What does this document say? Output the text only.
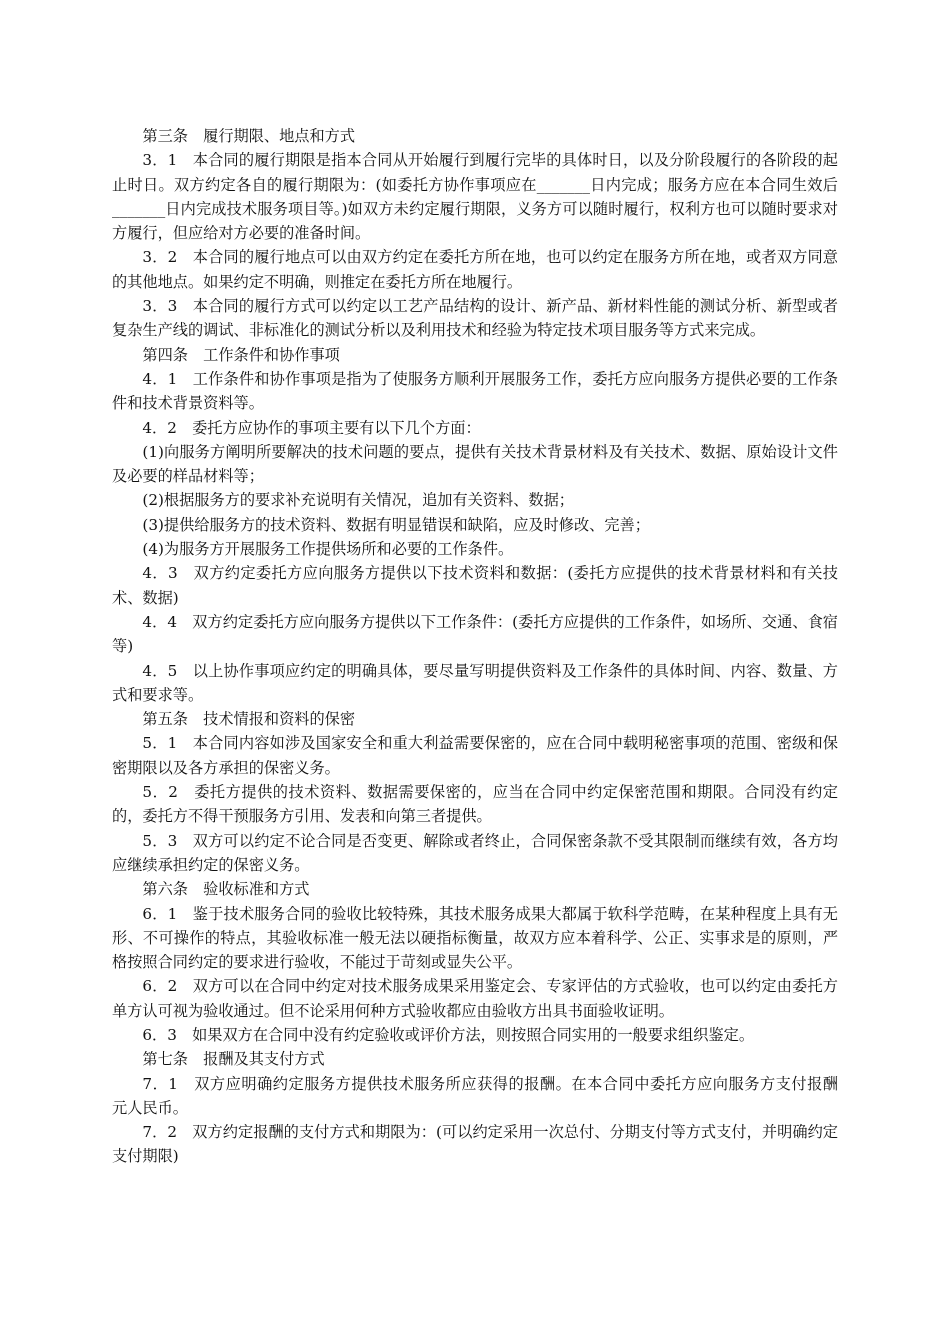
第三条　履行期限、地点和方式

3．1　本合同的履行期限是指本合同从开始履行到履行完毕的具体时日，以及分阶段履行的各阶段的起止时日。双方约定各自的履行期限为：(如委托方协作事项应在_______日内完成；服务方应在本合同生效后_______日内完成技术服务项目等。)如双方未约定履行期限，义务方可以随时履行，权利方也可以随时要求对方履行，但应给对方必要的准备时间。

3．2　本合同的履行地点可以由双方约定在委托方所在地，也可以约定在服务方所在地，或者双方同意的其他地点。如果约定不明确，则推定在委托方所在地履行。

3．3　本合同的履行方式可以约定以工艺产品结构的设计、新产品、新材料性能的测试分析、新型或者复杂生产线的调试、非标准化的测试分析以及利用技术和经验为特定技术项目服务等方式来完成。

第四条　工作条件和协作事项

4．1　工作条件和协作事项是指为了使服务方顺利开展服务工作，委托方应向服务方提供必要的工作条件和技术背景资料等。

4．2　委托方应协作的事项主要有以下几个方面：

(1)向服务方阐明所要解决的技术问题的要点，提供有关技术背景材料及有关技术、数据、原始设计文件及必要的样品材料等；

(2)根据服务方的要求补充说明有关情况，追加有关资料、数据；

(3)提供给服务方的技术资料、数据有明显错误和缺陷，应及时修改、完善；

(4)为服务方开展服务工作提供场所和必要的工作条件。

4．3　双方约定委托方应向服务方提供以下技术资料和数据：(委托方应提供的技术背景材料和有关技术、数据)

4．4　双方约定委托方应向服务方提供以下工作条件：(委托方应提供的工作条件，如场所、交通、食宿等)

4．5　以上协作事项应约定的明确具体，要尽量写明提供资料及工作条件的具体时间、内容、数量、方式和要求等。

第五条　技术情报和资料的保密

5．1　本合同内容如涉及国家安全和重大利益需要保密的，应在合同中载明秘密事项的范围、密级和保密期限以及各方承担的保密义务。

5．2　委托方提供的技术资料、数据需要保密的，应当在合同中约定保密范围和期限。合同没有约定的，委托方不得干预服务方引用、发表和向第三者提供。

5．3　双方可以约定不论合同是否变更、解除或者终止，合同保密条款不受其限制而继续有效，各方均应继续承担约定的保密义务。

第六条　验收标准和方式

6．1　鉴于技术服务合同的验收比较特殊，其技术服务成果大都属于软科学范畴，在某种程度上具有无形、不可操作的特点，其验收标准一般无法以硬指标衡量，故双方应本着科学、公正、实事求是的原则，严格按照合同约定的要求进行验收，不能过于苛刻或显失公平。

6．2　双方可以在合同中约定对技术服务成果采用鉴定会、专家评估的方式验收，也可以约定由委托方单方认可视为验收通过。但不论采用何种方式验收都应由验收方出具书面验收证明。

6．3　如果双方在合同中没有约定验收或评价方法，则按照合同实用的一般要求组织鉴定。

第七条　报酬及其支付方式

7．1　双方应明确约定服务方提供技术服务所应获得的报酬。在本合同中委托方应向服务方支付报酬　　元人民币。

7．2　双方约定报酬的支付方式和期限为：(可以约定采用一次总付、分期支付等方式支付，并明确约定支付期限)
